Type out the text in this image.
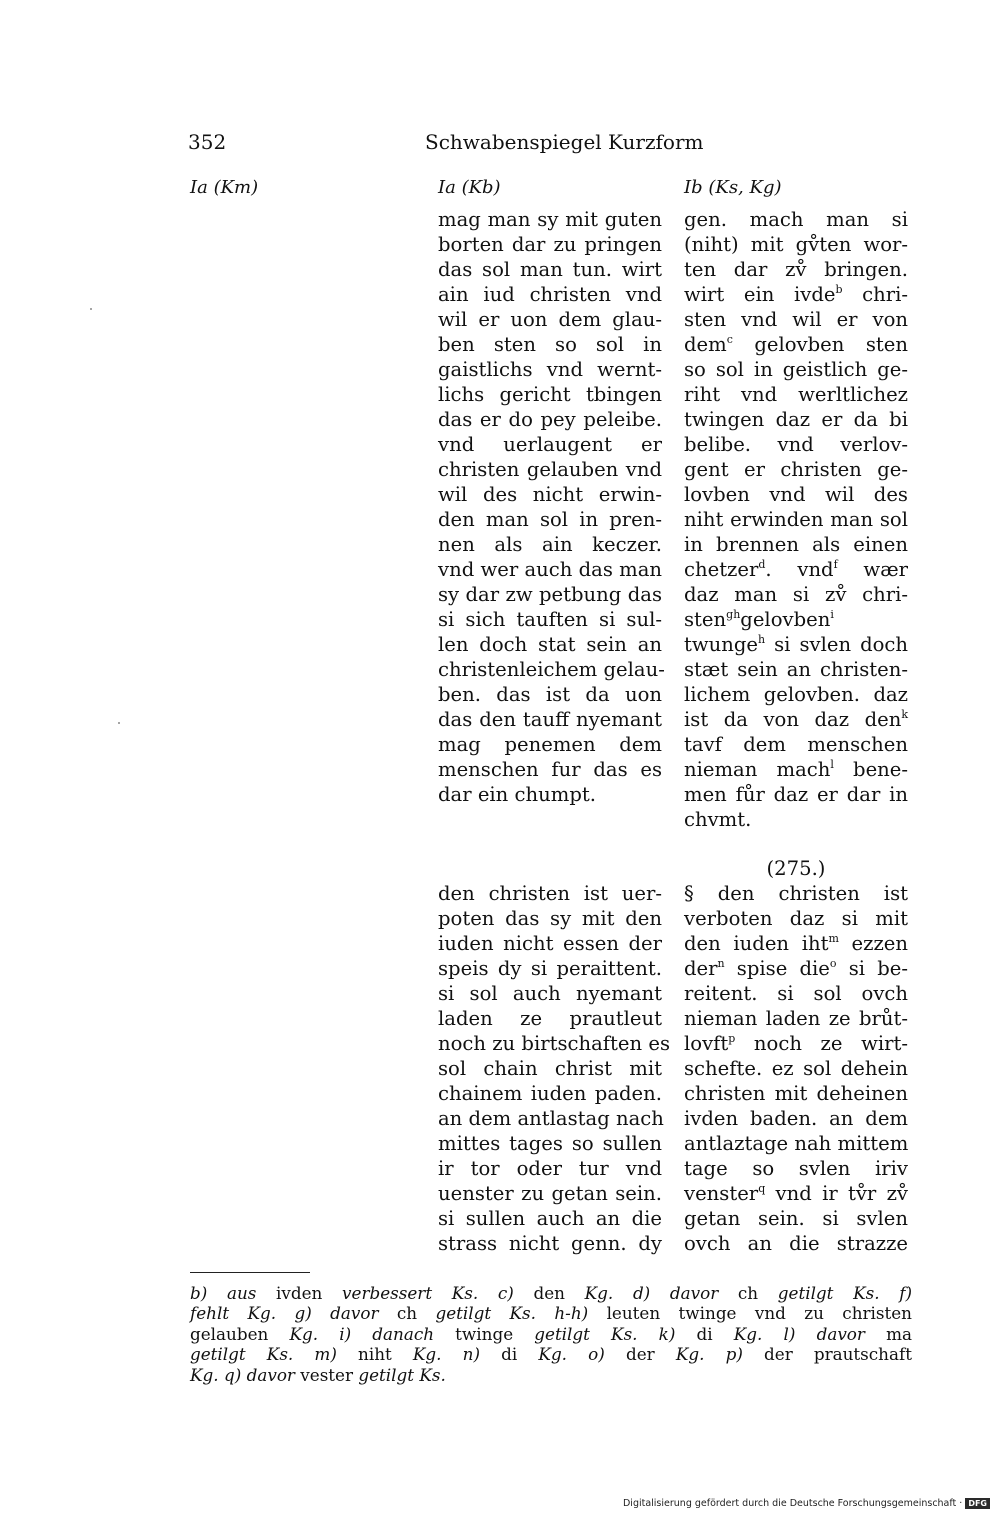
352	Schwabenspiegel Kurzform
Ia (Km)	Ia (Kb)	Ib (Ks, Kg)
mag man sy mit guten
borten dar zu pringen
das sol man tun. wirt
ain iud christen vnd
wil er uon dem glau-
ben sten so sol in
gaistlichs vnd wernt-
lichs gericht tbingen
das er do pey peleibe.
vnd uerlaugent er
christen gelauben vnd
wil des nicht erwin-
den man sol in pren-
nen als ain keczer.
vnd wer auch das man
sy dar zw petbung das
si sich tauften si sul-
len doch stat sein an
christenleichem gelau-
ben. das ist da uon
das den tauff nyemant
mag penemen dem
menschen fur das es
dar ein chumpt.
gen. mach man si
(niht) mit gv̊ten wor-
ten dar zv̊ bringen.
wirt ein ivde$^b$ chri-
sten vnd wil er von
dem$^c$ gelovben sten
so sol in geistlich ge-
riht vnd werltlichez
twingen daz er da bi
belibe. vnd verlov-
gent er christen ge-
lovben vnd wil des
niht erwinden man sol
in brennen als einen
chetzer$^d$. vnd$^f$ wær
daz man si zv̊ chri-
sten$^{gh}$gelovben$^i$
twunge$^h$ si svlen doch
stæt sein an christen-
lichem gelovben. daz
ist da von daz den$^k$
tavf dem menschen
nieman mach$^l$ bene-
men fůr daz er dar in
chvmt.
den christen ist uer-
poten das sy mit den
iuden nicht essen der
speis dy si peraittent.
si sol auch nyemant
laden ze prautleut
noch zu birtschaften es
sol chain christ mit
chainem iuden paden.
an dem antlastag nach
mittes tages so sullen
ir tor oder tur vnd
uenster zu getan sein.
si sullen auch an die
strass nicht genn. dy
(275.)
§ den christen ist
verboten daz si mit
den iuden iht$^m$ ezzen
der$^n$ spise die$^o$ si be-
reitent. si sol ovch
nieman laden ze brůt-
lovft$^p$ noch ze wirt-
schefte. ez sol dehein
christen mit deheinen
ivden baden. an dem
antlaztage nah mittem
tage so svlen iriv
venster$^q$ vnd ir tv̊r zv̊
getan sein. si svlen
ovch an die strazze
b) aus ivden verbessert Ks. c) den Kg. d) davor ch getilgt Ks. f)
fehlt Kg. g) davor ch getilgt Ks. h-h) leuten twinge vnd zu christen
gelauben Kg. i) danach twinge getilgt Ks. k) di Kg. l) davor ma
getilgt Ks. m) niht Kg. n) di Kg. o) der Kg. p) der prautschaft
Kg. q) davor vester getilgt Ks.
Digitalisierung gefördert durch die Deutsche Forschungsgemeinschaft · DFG
